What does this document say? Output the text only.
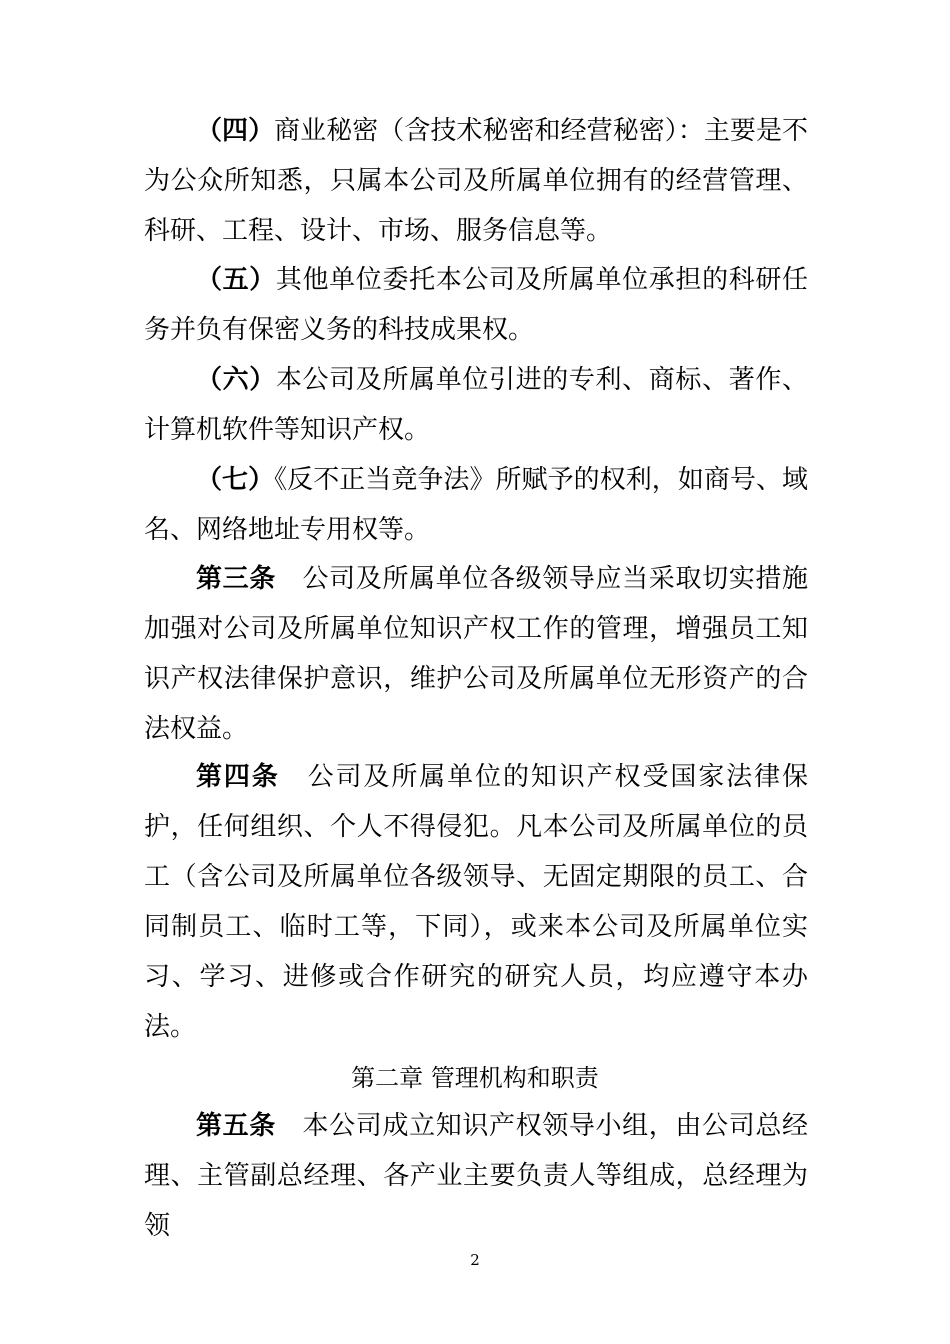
（四）商业秘密（含技术秘密和经营秘密）：主要是不为公众所知悉，只属本公司及所属单位拥有的经营管理、科研、工程、设计、市场、服务信息等。

（五）其他单位委托本公司及所属单位承担的科研任务并负有保密义务的科技成果权。

（六）本公司及所属单位引进的专利、商标、著作、计算机软件等知识产权。

（七）《反不正当竞争法》所赋予的权利，如商号、域名、网络地址专用权等。

第三条　公司及所属单位各级领导应当采取切实措施加强对公司及所属单位知识产权工作的管理，增强员工知识产权法律保护意识，维护公司及所属单位无形资产的合法权益。

第四条　公司及所属单位的知识产权受国家法律保护，任何组织、个人不得侵犯。凡本公司及所属单位的员工（含公司及所属单位各级领导、无固定期限的员工、合同制员工、临时工等，下同），或来本公司及所属单位实习、学习、进修或合作研究的研究人员，均应遵守本办法。

第二章 管理机构和职责

第五条　本公司成立知识产权领导小组，由公司总经理、主管副总经理、各产业主要负责人等组成，总经理为领

2
